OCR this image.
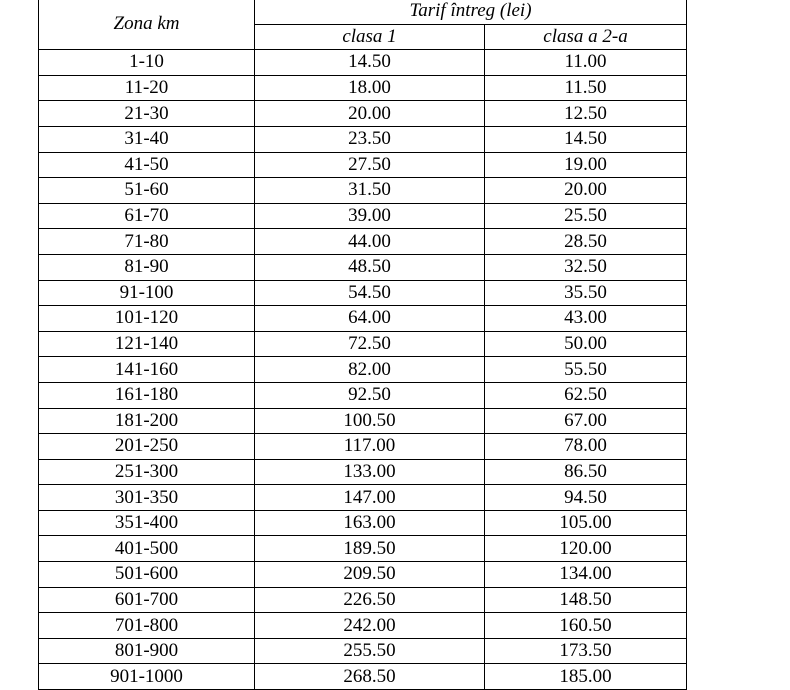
Zona km	Tarif întreg (lei)	
	clasa 1	clasa a 2-a
1-10	14.50	11.00
11-20	18.00	11.50
21-30	20.00	12.50
31-40	23.50	14.50
41-50	27.50	19.00
51-60	31.50	20.00
61-70	39.00	25.50
71-80	44.00	28.50
81-90	48.50	32.50
91-100	54.50	35.50
101-120	64.00	43.00
121-140	72.50	50.00
141-160	82.00	55.50
161-180	92.50	62.50
181-200	100.50	67.00
201-250	117.00	78.00
251-300	133.00	86.50
301-350	147.00	94.50
351-400	163.00	105.00
401-500	189.50	120.00
501-600	209.50	134.00
601-700	226.50	148.50
701-800	242.00	160.50
801-900	255.50	173.50
901-1000	268.50	185.00
